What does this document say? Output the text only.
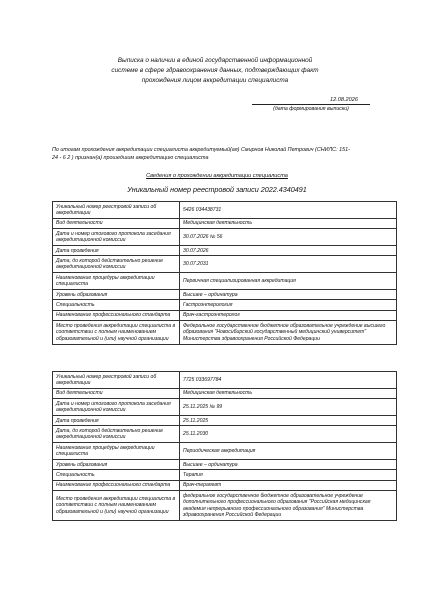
Выписка о наличии в единой государственной информационной
системе в сфере здравоохранения данных, подтверждающих факт
прохождения лицом аккредитации специалиста
12.08.2026
(дата формирования выписки)
По итогам прохождения аккредитации специалиста аккредитуемый(ая) Смирнов Николай Петрович (СНИЛС: 151-
24 - 6 2 ) признан(а) прошедшим аккредитацию специалиста
Сведения о прохождении аккредитации специалиста
Уникальный номер реестровой записи 2022.4340491
Уникальный номер реестровой записи об аккредитации	5426 034438731
Вид деятельности	Медицинская деятельность
Дата и номер итогового протокола заседания аккредитационной комиссии	30.07.2026 № 56
Дата проведения	30.07.2026
Дата, до которой действительно решение аккредитационной комиссии	30.07.2031
Наименование процедуры аккредитации специалиста	Первичная специализированная аккредитация
Уровень образования	Высшее – ординатура
Специальность	Гастроэнтерология
Наименование профессионального стандарта	Врач-гастроэнтеролог
Место проведения аккредитации специалиста в соответствии с полным наименованием образовательной и (или) научной организации	Федеральное государственное бюджетное образовательное учреждение высшего образования "Новосибирский государственный медицинский университет" Министерства здравоохранения Российской Федерации
Уникальный номер реестровой записи об аккредитации	7725 033697784
Вид деятельности	Медицинская деятельность
Дата и номер итогового протокола заседания аккредитационной комиссии	25.11.2025 № 99
Дата проведения	25.11.2025
Дата, до которой действительно решение аккредитационной комиссии	25.11.2030
Наименование процедуры аккредитации специалиста	Периодическая аккредитация
Уровень образования	Высшее – ординатура
Специальность	Терапия
Наименование профессионального стандарта	Врач-терапевт
Место проведения аккредитации специалиста в соответствии с полным наименованием образовательной и (или) научной организации	федеральное государственное бюджетное образовательное учреждение дополнительного профессионального образования "Российская медицинская академия непрерывного профессионального образования" Министерства здравоохранения Российской Федерации
